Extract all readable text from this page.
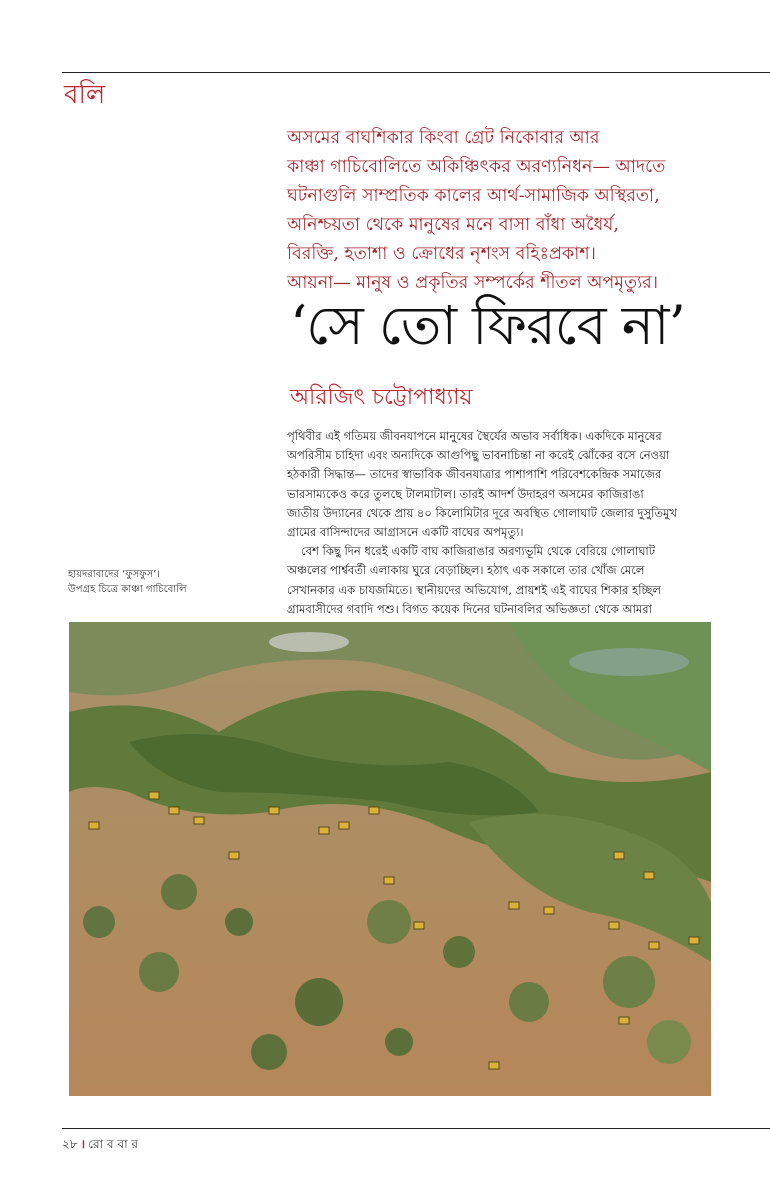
বলি
অসমের বাঘশিকার কিংবা গ্রেট নিকোবার আর
কাঞ্চা গাচিবোলিতে অকিঞ্চিৎকর অরণ্যনিধন— আদতে
ঘটনাগুলি সাম্প্রতিক কালের আর্থ-সামাজিক অস্থিরতা,
অনিশ্চয়তা থেকে মানুষের মনে বাসা বাঁধা অধৈর্য,
বিরক্তি, হতাশা ও ক্রোধের নৃশংস বহিঃপ্রকাশ।
আয়না— মানুষ ও প্রকৃতির সম্পর্কের শীতল অপমৃত্যুর।
‘সে তো ফিরবে না’
অরিজিৎ চট্টোপাধ্যায়
পৃথিবীর এই গতিময় জীবনযাপনে মানুষের স্থৈর্যের অভাব সর্বাধিক। একদিকে মানুষের
অপরিসীম চাহিদা এবং অন্যদিকে আগুপিছু ভাবনাচিন্তা না করেই ঝোঁকের বসে নেওয়া
হঠকারী সিদ্ধান্ত— তাদের স্বাভাবিক জীবনযাত্রার পাশাপাশি পরিবেশকেন্দ্রিক সমাজের
ভারসাম্যকেও করে তুলছে টালমাটাল। তারই আদর্শ উদাহরণ অসমের কাজিরাঙা
জাতীয় উদ্যানের থেকে প্রায় ৪০ কিলোমিটার দূরে অবস্থিত গোলাঘাট জেলার দুসুতিমুখ
গ্রামের বাসিন্দাদের আগ্রাসনে একটি বাঘের অপমৃত্যু।
বেশ কিছু দিন ধরেই একটি বাঘ কাজিরাঙার অরণ্যভূমি থেকে বেরিয়ে গোলাঘাট
অঞ্চলের পার্শ্ববর্তী এলাকায় ঘুরে বেড়াচ্ছিল। হঠাৎ এক সকালে তার খোঁজ মেলে
সেখানকার এক চাযজমিতে। স্থানীয়দের অভিযোগ, প্রায়শই এই বাঘের শিকার হচ্ছিল
গ্রামবাসীদের গবাদি পশু। বিগত কয়েক দিনের ঘটনাবলির অভিজ্ঞতা থেকে আমরা
হায়দরাবাদের ‘ফুসফুস’।
উপগ্রহ চিত্রে কাঞ্চা গাচিবোলি
২৮ । রো ব বা র
